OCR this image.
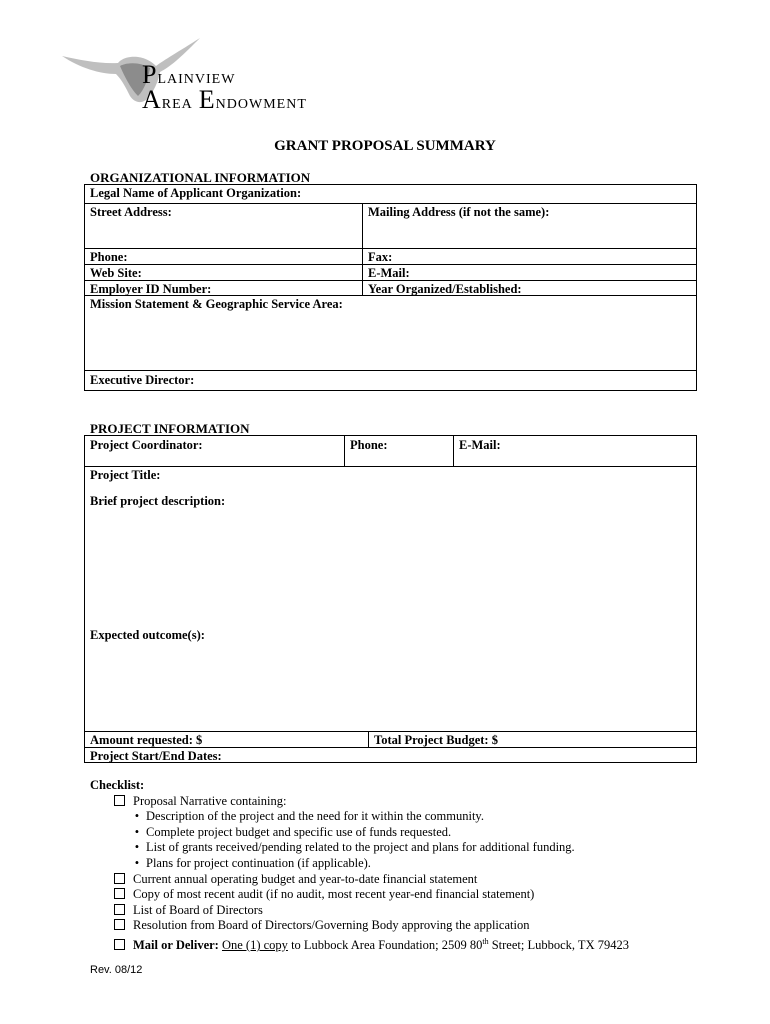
Plainview
Area Endowment
GRANT PROPOSAL SUMMARY
ORGANIZATIONAL INFORMATION
Legal Name of Applicant Organization:
Street Address:	Mailing Address (if not the same):
Phone:	Fax:
Web Site:	E-Mail:
Employer ID Number:	Year Organized/Established:
Mission Statement & Geographic Service Area:
Executive Director:
PROJECT INFORMATION
Project Coordinator:	Phone:	E-Mail:
Project Title:
Brief project description:
Expected outcome(s):
Amount requested: $	Total Project Budget: $
Project Start/End Dates:
Checklist:
Proposal Narrative containing:
• Description of the project and the need for it within the community.
• Complete project budget and specific use of funds requested.
• List of grants received/pending related to the project and plans for additional funding.
• Plans for project continuation (if applicable).
Current annual operating budget and year-to-date financial statement
Copy of most recent audit (if no audit, most recent year-end financial statement)
List of Board of Directors
Resolution from Board of Directors/Governing Body approving the application
Mail or Deliver: One (1) copy to Lubbock Area Foundation; 2509 80th Street; Lubbock, TX 79423
Rev. 08/12
